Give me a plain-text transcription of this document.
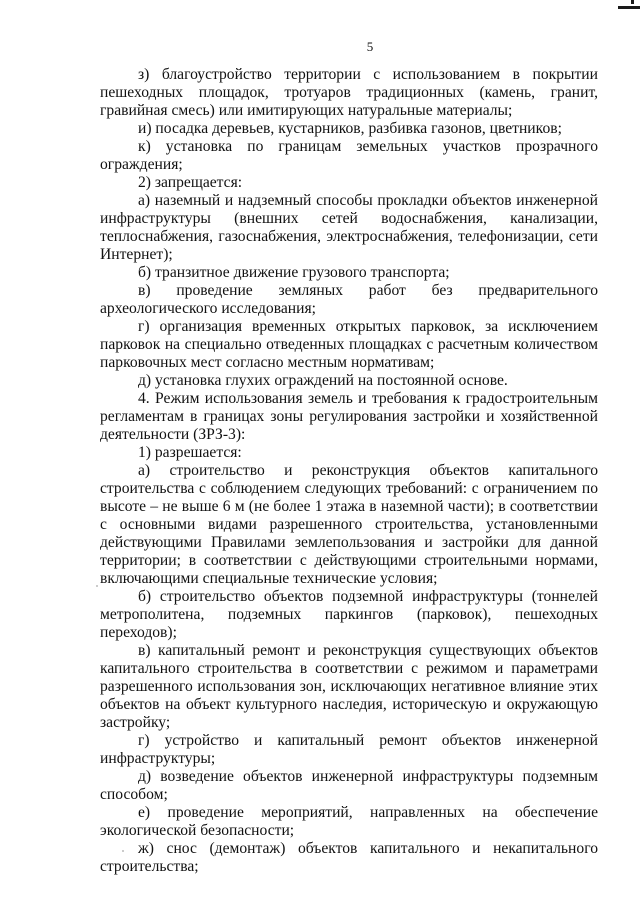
5

з) благоустройство территории с использованием в покрытии пешеходных площадок, тротуаров традиционных (камень, гранит, гравийная смесь) или имитирующих натуральные материалы;

и) посадка деревьев, кустарников, разбивка газонов, цветников;

к) установка по границам земельных участков прозрачного ограждения;

2) запрещается:

а) наземный и надземный способы прокладки объектов инженерной инфраструктуры (внешних сетей водоснабжения, канализации, теплоснабжения, газоснабжения, электроснабжения, телефонизации, сети Интернет);

б) транзитное движение грузового транспорта;

в) проведение земляных работ без предварительного археологического исследования;

г) организация временных открытых парковок, за исключением парковок на специально отведенных площадках с расчетным количеством парковочных мест согласно местным нормативам;

д) установка глухих ограждений на постоянной основе.

4. Режим использования земель и требования к градостроительным регламентам в границах зоны регулирования застройки и хозяйственной деятельности (ЗРЗ-3):

1) разрешается:

а) строительство и реконструкция объектов капитального строительства с соблюдением следующих требований: с ограничением по высоте – не выше 6 м (не более 1 этажа в наземной части); в соответствии с основными видами разрешенного строительства, установленными действующими Правилами землепользования и застройки для данной территории; в соответствии с действующими строительными нормами, включающими специальные технические условия;

б) строительство объектов подземной инфраструктуры (тоннелей метрополитена, подземных паркингов (парковок), пешеходных переходов);

в) капитальный ремонт и реконструкция существующих объектов капитального строительства в соответствии с режимом и параметрами разрешенного использования зон, исключающих негативное влияние этих объектов на объект культурного наследия, историческую и окружающую застройку;

г) устройство и капитальный ремонт объектов инженерной инфраструктуры;

д) возведение объектов инженерной инфраструктуры подземным способом;

е) проведение мероприятий, направленных на обеспечение экологической безопасности;

ж) снос (демонтаж) объектов капитального и некапитального строительства;
